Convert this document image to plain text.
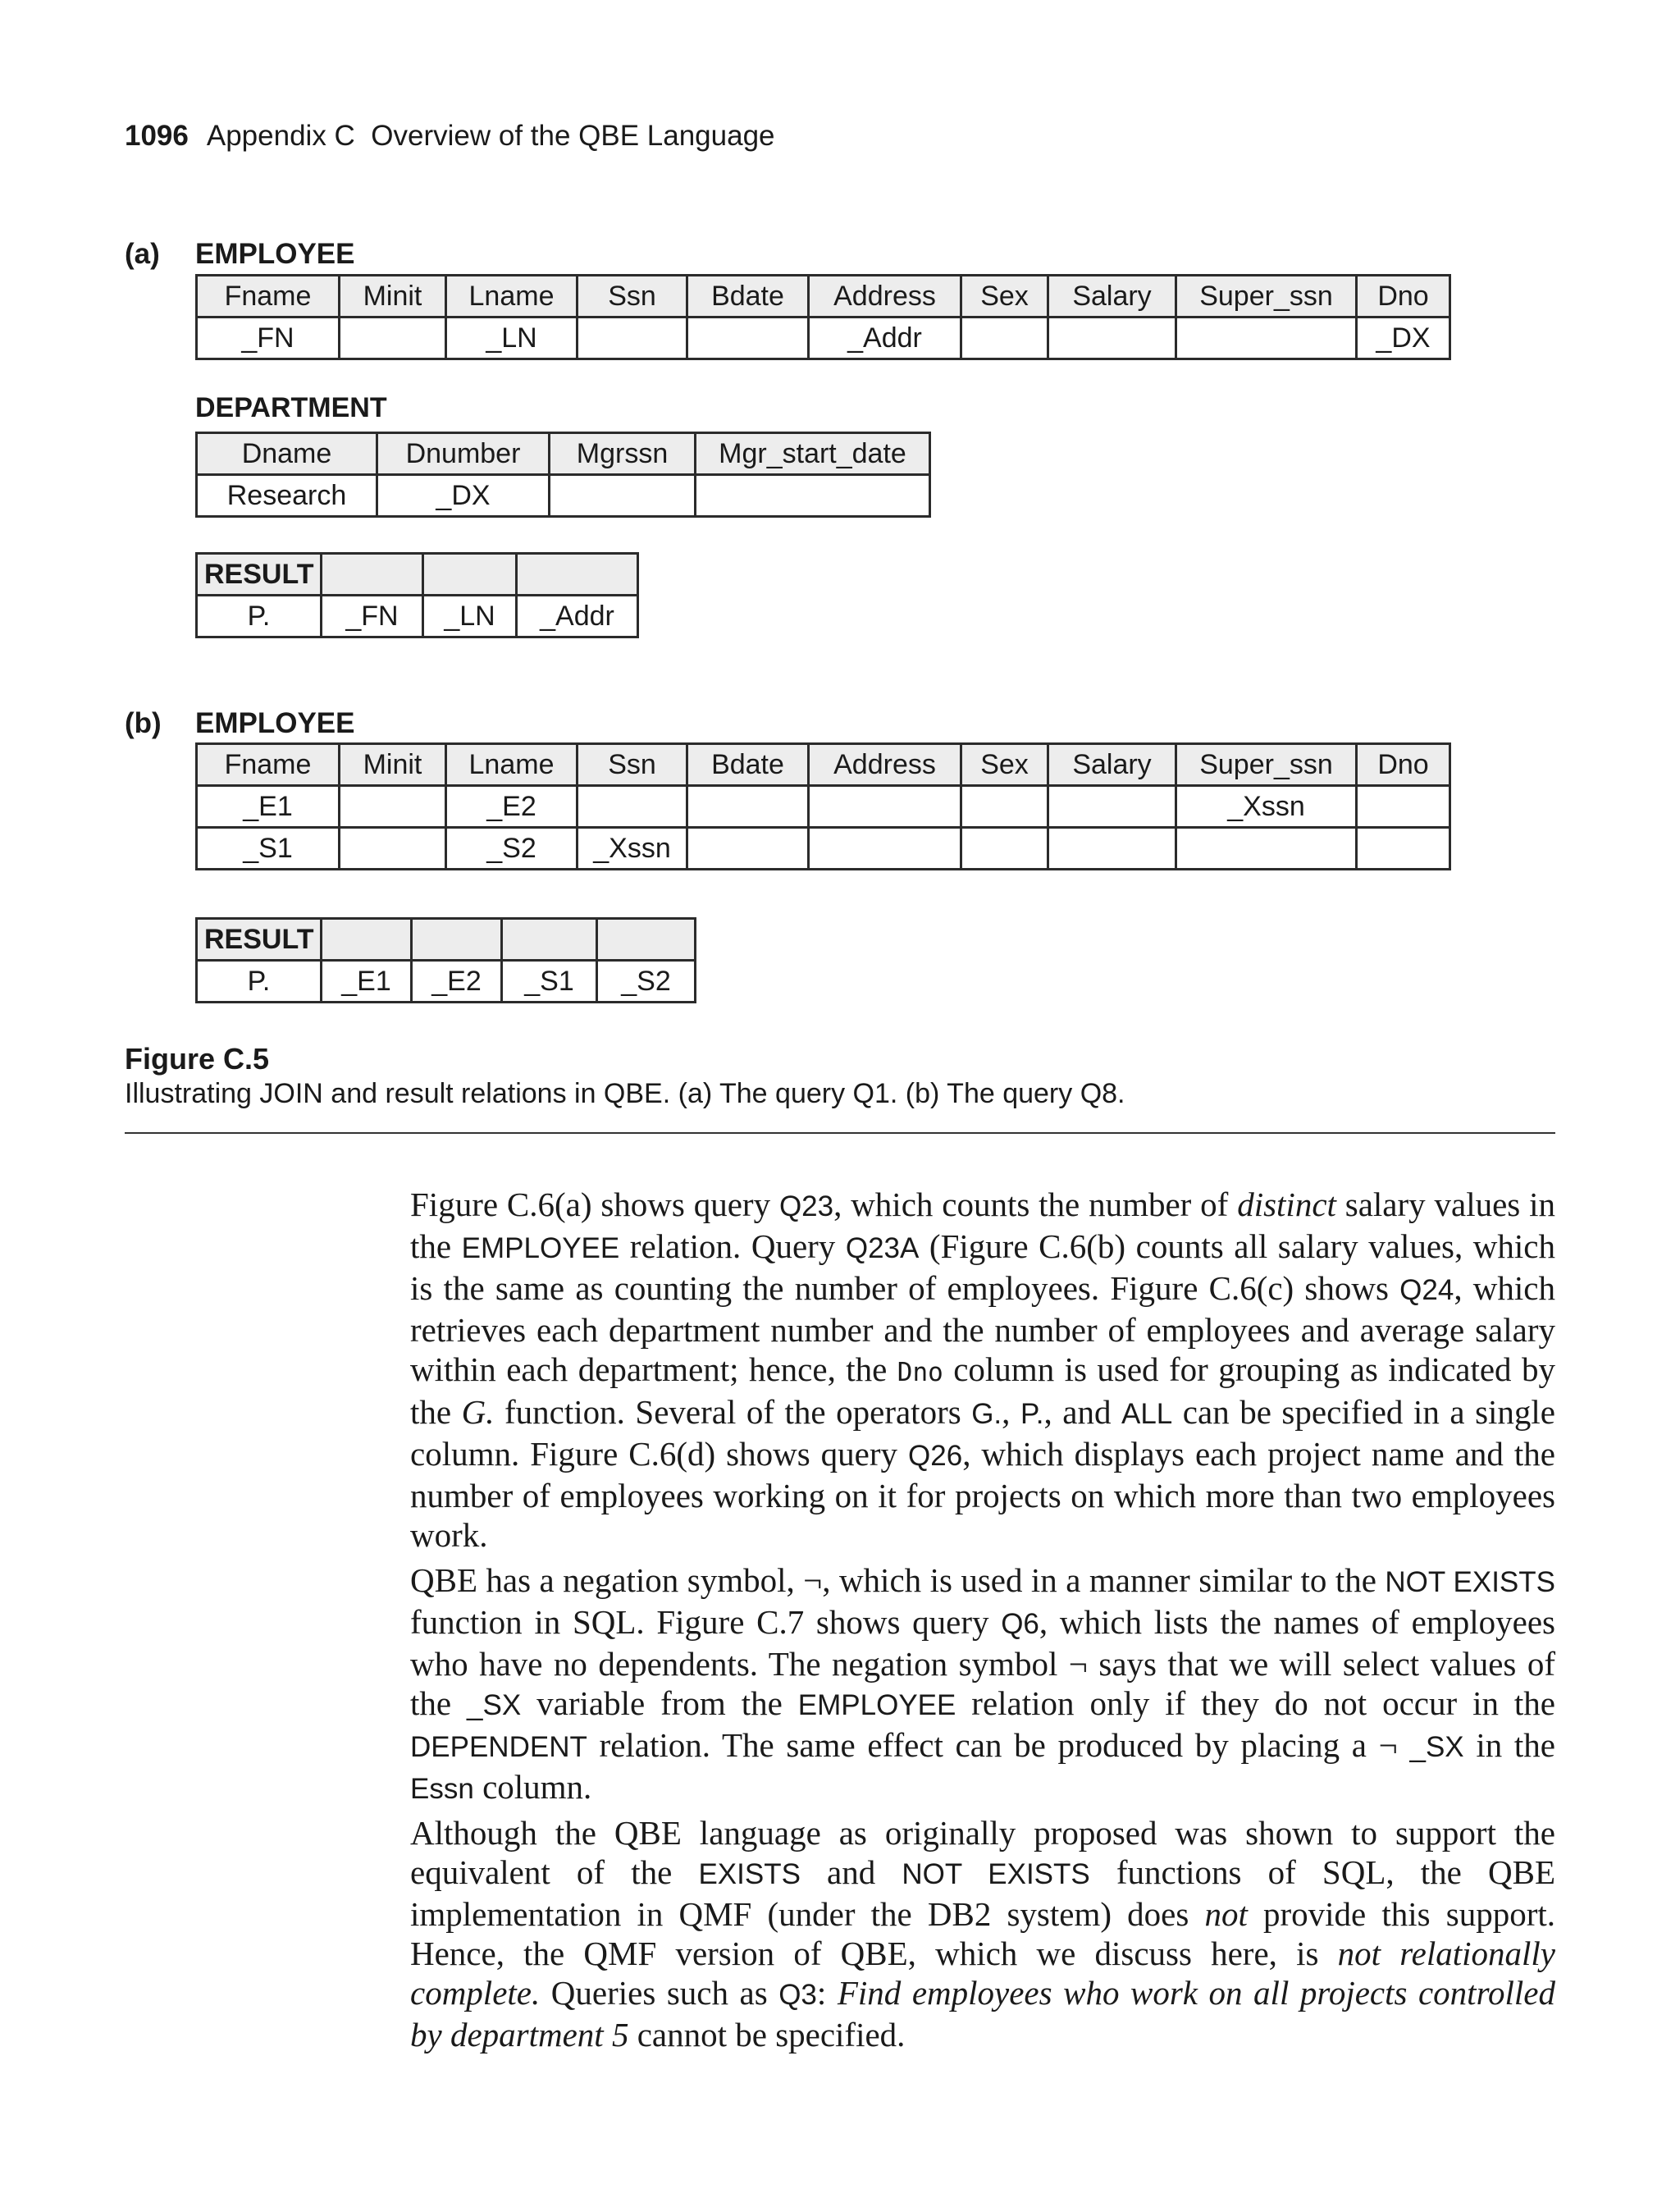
1096 Appendix C  Overview of the QBE Language
(a) EMPLOYEE
Fname	Minit	Lname	Ssn	Bdate	Address	Sex	Salary	Super_ssn	Dno
_FN		_LN			_Addr				_DX
DEPARTMENT
Dname	Dnumber	Mgrssn	Mgr_start_date
Research	_DX		
RESULT			
P.	_FN	_LN	_Addr
(b) EMPLOYEE
Fname	Minit	Lname	Ssn	Bdate	Address	Sex	Salary	Super_ssn	Dno
_E1		_E2						_Xssn	
_S1		_S2	_Xssn						
RESULT				
P.	_E1	_E2	_S1	_S2
Figure C.5
Illustrating JOIN and result relations in QBE. (a) The query Q1. (b) The query Q8.
Figure C.6(a) shows query Q23, which counts the number of distinct salary values in the EMPLOYEE relation. Query Q23A (Figure C.6(b) counts all salary values, which is the same as counting the number of employees. Figure C.6(c) shows Q24, which retrieves each department number and the number of employees and average salary within each department; hence, the Dno column is used for grouping as indicated by the G. function. Several of the operators G., P., and ALL can be specified in a single column. Figure C.6(d) shows query Q26, which displays each project name and the number of employees working on it for projects on which more than two employees work.
QBE has a negation symbol, ¬, which is used in a manner similar to the NOT EXISTS function in SQL. Figure C.7 shows query Q6, which lists the names of employees who have no dependents. The negation symbol ¬ says that we will select values of the _SX variable from the EMPLOYEE relation only if they do not occur in the DEPENDENT relation. The same effect can be produced by placing a ¬ _SX in the Essn column.
Although the QBE language as originally proposed was shown to support the equivalent of the EXISTS and NOT EXISTS functions of SQL, the QBE implementation in QMF (under the DB2 system) does not provide this support. Hence, the QMF version of QBE, which we discuss here, is not relationally complete. Queries such as Q3: Find employees who work on all projects controlled by department 5 cannot be specified.
